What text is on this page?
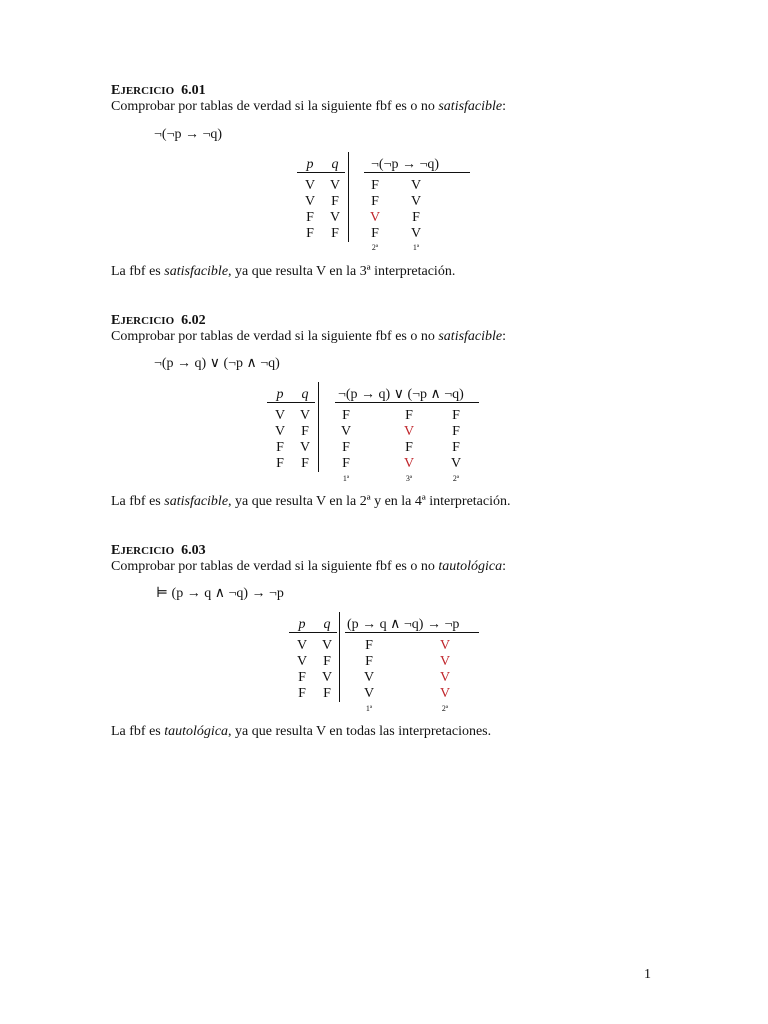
EJERCICIO 6.01
Comprobar por tablas de verdad si la siguiente fbf es o no satisfacible:
¬(¬p → ¬q)
p	q	¬(¬p → ¬q)
V V F V
V F F V
F V V F
F F F V
2ª	1ª
La fbf es satisfacible, ya que resulta V en la 3ª interpretación.
EJERCICIO 6.02
Comprobar por tablas de verdad si la siguiente fbf es o no satisfacible:
¬(p → q) ∨ (¬p ∧ ¬q)
p	q	¬(p → q) ∨ (¬p ∧ ¬q)
V V F	F	F
V F V	V	F
F V F	F	F
F F F	V	V
1ª	3ª	2ª
La fbf es satisfacible, ya que resulta V en la 2ª y en la 4ª interpretación.
EJERCICIO 6.03
Comprobar por tablas de verdad si la siguiente fbf es o no tautológica:
⊨ (p → q ∧ ¬q) → ¬p
p	q	(p → q ∧ ¬q) → ¬p
V V F	V
V F F	V
F V V	V
F F V	V
1ª	2ª
La fbf es tautológica, ya que resulta V en todas las interpretaciones.
1
